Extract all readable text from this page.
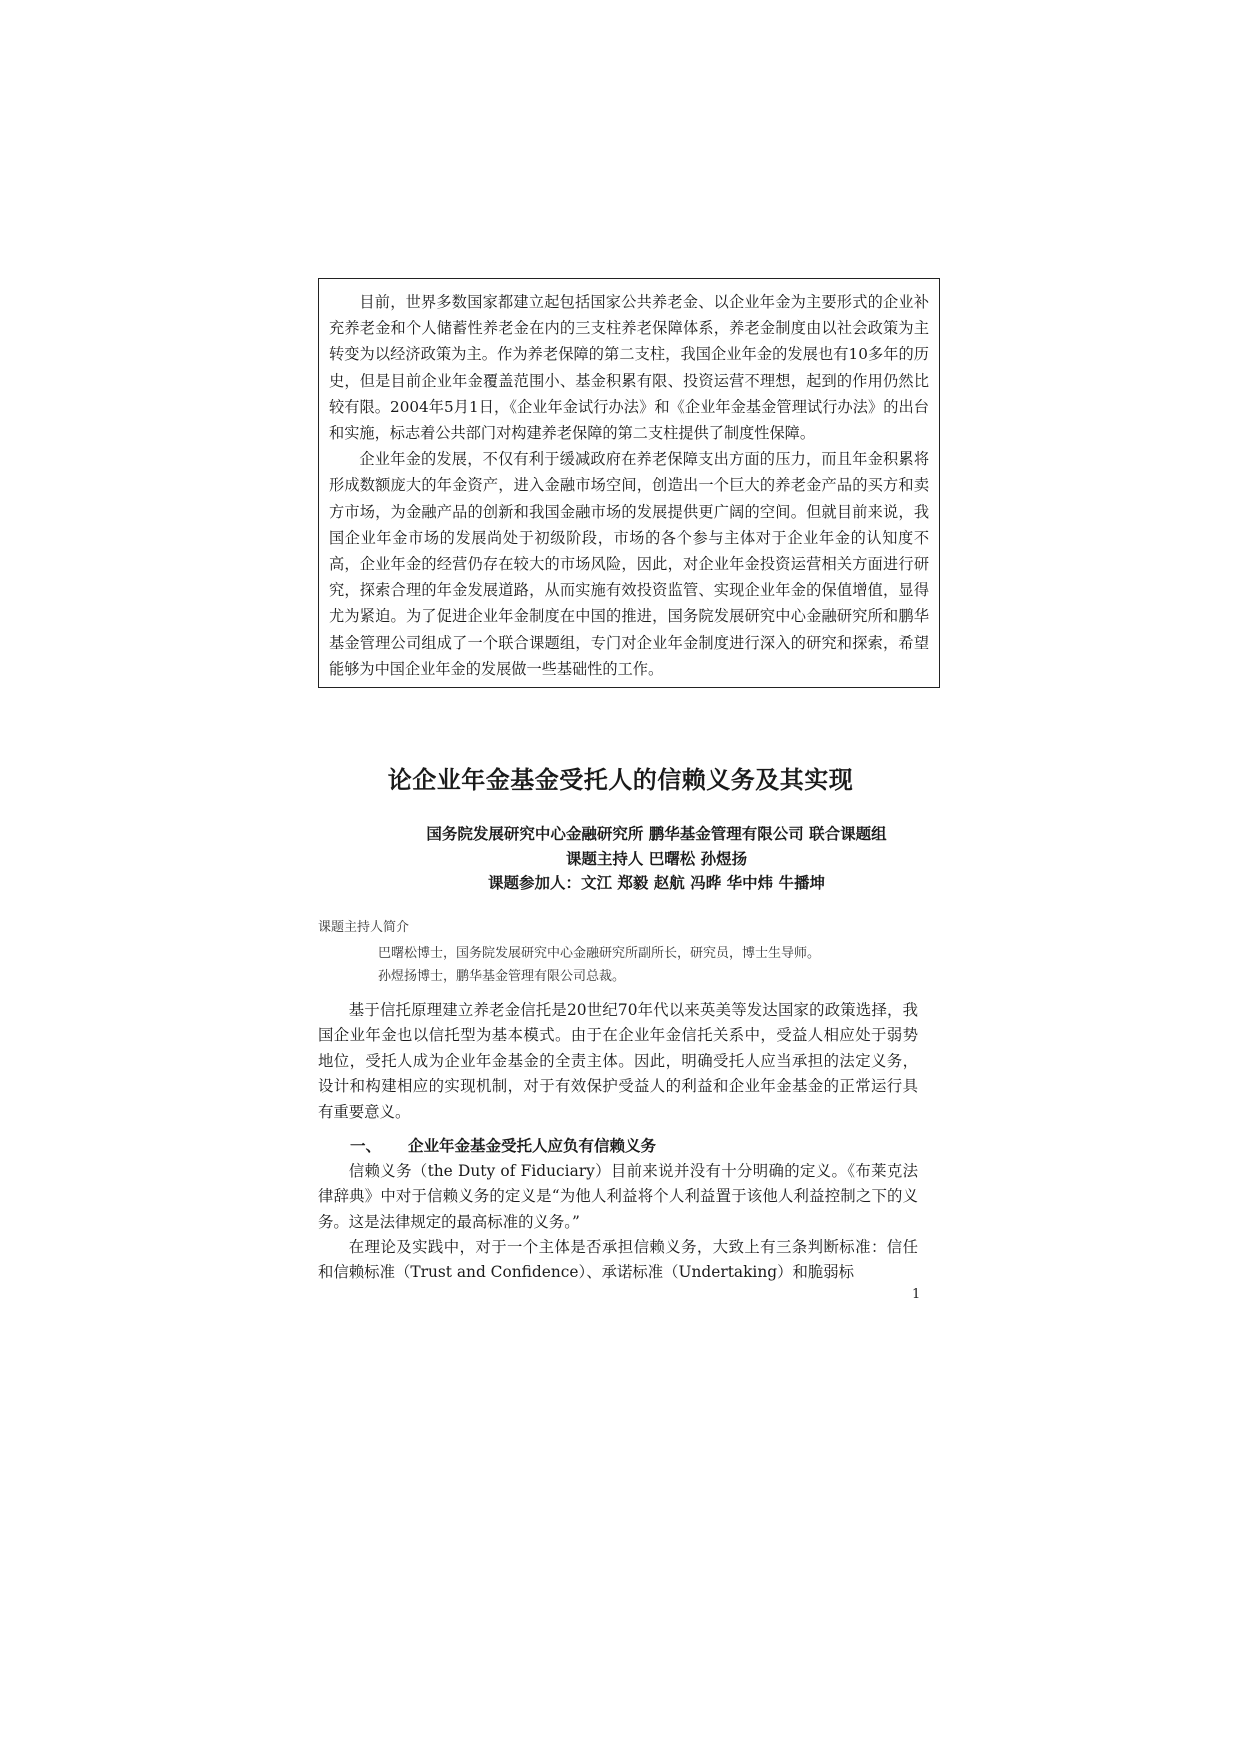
目前，世界多数国家都建立起包括国家公共养老金、以企业年金为主要形式的企业补充养老金和个人储蓄性养老金在内的三支柱养老保障体系，养老金制度由以社会政策为主转变为以经济政策为主。作为养老保障的第二支柱，我国企业年金的发展也有10多年的历史，但是目前企业年金覆盖范围小、基金积累有限、投资运营不理想，起到的作用仍然比较有限。2004年5月1日，《企业年金试行办法》和《企业年金基金管理试行办法》的出台和实施，标志着公共部门对构建养老保障的第二支柱提供了制度性保障。

企业年金的发展，不仅有利于缓减政府在养老保障支出方面的压力，而且年金积累将形成数额庞大的年金资产，进入金融市场空间，创造出一个巨大的养老金产品的买方和卖方市场，为金融产品的创新和我国金融市场的发展提供更广阔的空间。但就目前来说，我国企业年金市场的发展尚处于初级阶段，市场的各个参与主体对于企业年金的认知度不高，企业年金的经营仍存在较大的市场风险，因此，对企业年金投资运营相关方面进行研究，探索合理的年金发展道路，从而实施有效投资监管、实现企业年金的保值增值，显得尤为紧迫。为了促进企业年金制度在中国的推进，国务院发展研究中心金融研究所和鹏华基金管理公司组成了一个联合课题组，专门对企业年金制度进行深入的研究和探索，希望能够为中国企业年金的发展做一些基础性的工作。

论企业年金基金受托人的信赖义务及其实现

国务院发展研究中心金融研究所 鹏华基金管理有限公司 联合课题组

课题主持人 巴曙松 孙煜扬

课题参加人：文江 郑毅 赵航 冯晔 华中炜 牛播坤

课题主持人简介

巴曙松博士，国务院发展研究中心金融研究所副所长，研究员，博士生导师。

孙煜扬博士，鹏华基金管理有限公司总裁。

基于信托原理建立养老金信托是20世纪70年代以来英美等发达国家的政策选择，我国企业年金也以信托型为基本模式。由于在企业年金信托关系中，受益人相应处于弱势地位，受托人成为企业年金基金的全责主体。因此，明确受托人应当承担的法定义务，设计和构建相应的实现机制，对于有效保护受益人的利益和企业年金基金的正常运行具有重要意义。

一、 企业年金基金受托人应负有信赖义务

信赖义务（the Duty of Fiduciary）目前来说并没有十分明确的定义。《布莱克法律辞典》中对于信赖义务的定义是“为他人利益将个人利益置于该他人利益控制之下的义务。这是法律规定的最高标准的义务。”

在理论及实践中，对于一个主体是否承担信赖义务，大致上有三条判断标准：信任和信赖标准（Trust and Confidence）、承诺标准（Undertaking）和脆弱标

1
